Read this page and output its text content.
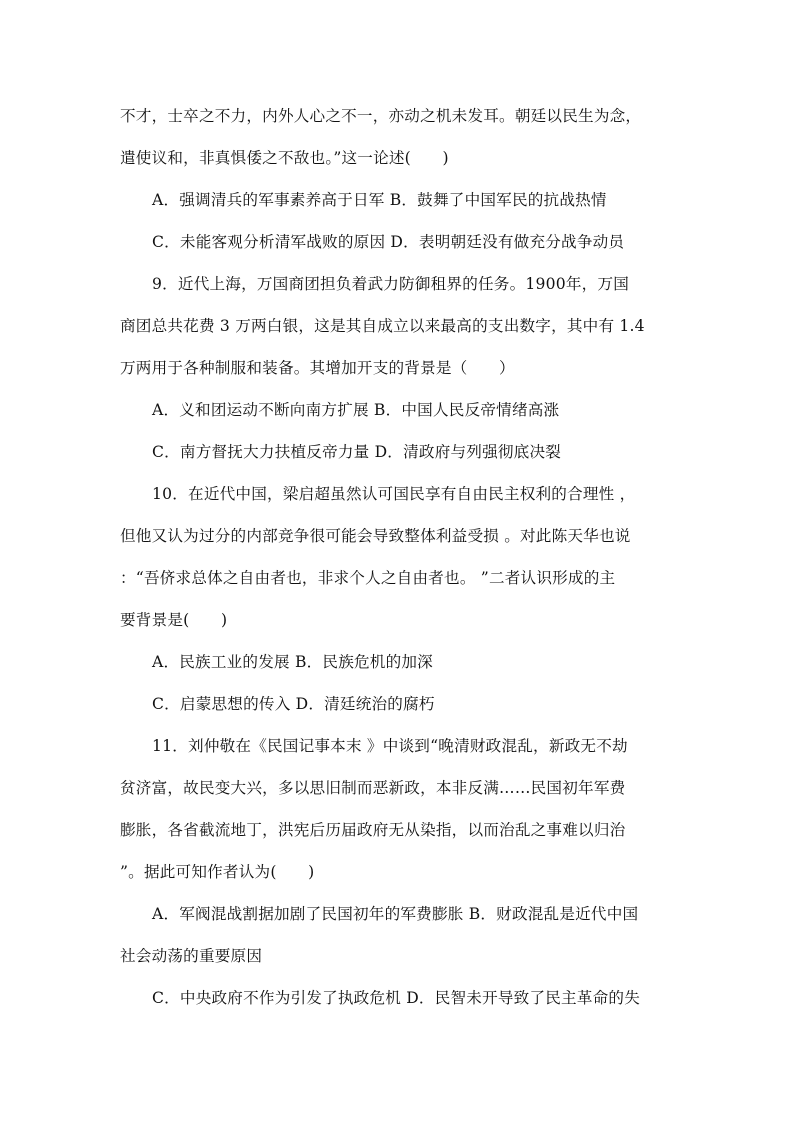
不才，士卒之不力，内外人心之不一，亦动之机未发耳。朝廷以民生为念，
遣使议和，非真惧倭之不敌也。”这一论述(　　)
A．强调清兵的军事素养高于日军 B．鼓舞了中国军民的抗战热情
C．未能客观分析清军战败的原因 D．表明朝廷没有做充分战争动员
9．近代上海，万国商团担负着武力防御租界的任务。1900年，万国
商团总共花费 3 万两白银，这是其自成立以来最高的支出数字，其中有 1.4
万两用于各种制服和装备。其增加开支的背景是（　　）
A．义和团运动不断向南方扩展 B．中国人民反帝情绪高涨
C．南方督抚大力扶植反帝力量 D．清政府与列强彻底决裂
10．在近代中国，梁启超虽然认可国民享有自由民主权利的合理性 ，
但他又认为过分的内部竞争很可能会导致整体利益受损 。对此陈天华也说
：“吾侪求总体之自由者也，非求个人之自由者也。 ”二者认识形成的主
要背景是(　　)
A．民族工业的发展 B．民族危机的加深
C．启蒙思想的传入 D．清廷统治的腐朽
11．刘仲敬在《民国记事本末 》中谈到“晚清财政混乱，新政无不劫
贫济富，故民变大兴，多以思旧制而恶新政，本非反满……民国初年军费
膨胀，各省截流地丁，洪宪后历届政府无从染指，以而治乱之事难以归治
”。据此可知作者认为(　　)
A．军阀混战割据加剧了民国初年的军费膨胀 B．财政混乱是近代中国
社会动荡的重要原因
C．中央政府不作为引发了执政危机 D．民智未开导致了民主革命的失
